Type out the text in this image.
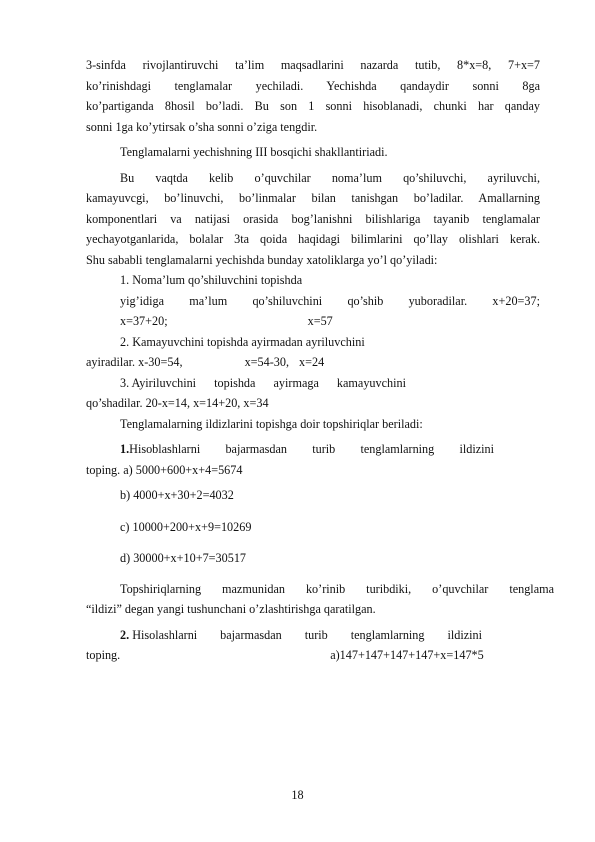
3-sinfda rivojlantiruvchi ta’lim maqsadlarini nazarda tutib, 8*x=8, 7+x=7

ko’rinishdagi tenglamalar yechiladi. Yechishda qandaydir sonni 8ga

ko’partiganda 8hosil bo’ladi. Bu son 1 sonni hisoblanadi, chunki har qanday

sonni 1ga ko’ytirsak o’sha sonni o’ziga tengdir.

Tenglamalarni yechishning III bosqichi shakllantiriadi.

Bu vaqtda kelib o’quvchilar noma’lum qo’shiluvchi, ayriluvchi,

kamayuvcgi, bo’linuvchi, bo’linmalar bilan tanishgan bo’ladilar. Amallarning

komponentlari va natijasi orasida bog’lanishni bilishlariga tayanib tenglamalar

yechayotganlarida, bolalar 3ta qoida haqidagi bilimlarini qo’llay olishlari kerak.

Shu sababli tenglamalarni yechishda bunday xatoliklarga yo’l qo’yiladi:

1. Noma’lum qo’shiluvchini topishda

yig’idiga ma’lum qo’shiluvchini qo’shib yuboradilar. x+20=37;

x=37+20;	x=57

2. Kamayuvchini topishda ayirmadan ayriluvchini

ayiradilar. x-30=54,	x=54-30, x=24

3. Ayiriluvchini topishda ayirmaga kamayuvchini

qo’shadilar. 20-x=14, x=14+20, x=34

Tenglamalarning ildizlarini topishga doir topshiriqlar beriladi:

1.Hisoblashlarni bajarmasdan turib tenglamlarning ildizini

toping. a) 5000+600+x+4=5674

b) 4000+x+30+2=4032

c) 10000+200+x+9=10269

d) 30000+x+10+7=30517

Topshiriqlarning mazmunidan ko’rinib turibdiki, o’quvchilar tenglama

“ildizi” degan yangi tushunchani o’zlashtirishga qaratilgan.

2. Hisolashlarni bajarmasdan turib tenglamlarning ildizini

toping.	a)147+147+147+147+x=147*5

18
